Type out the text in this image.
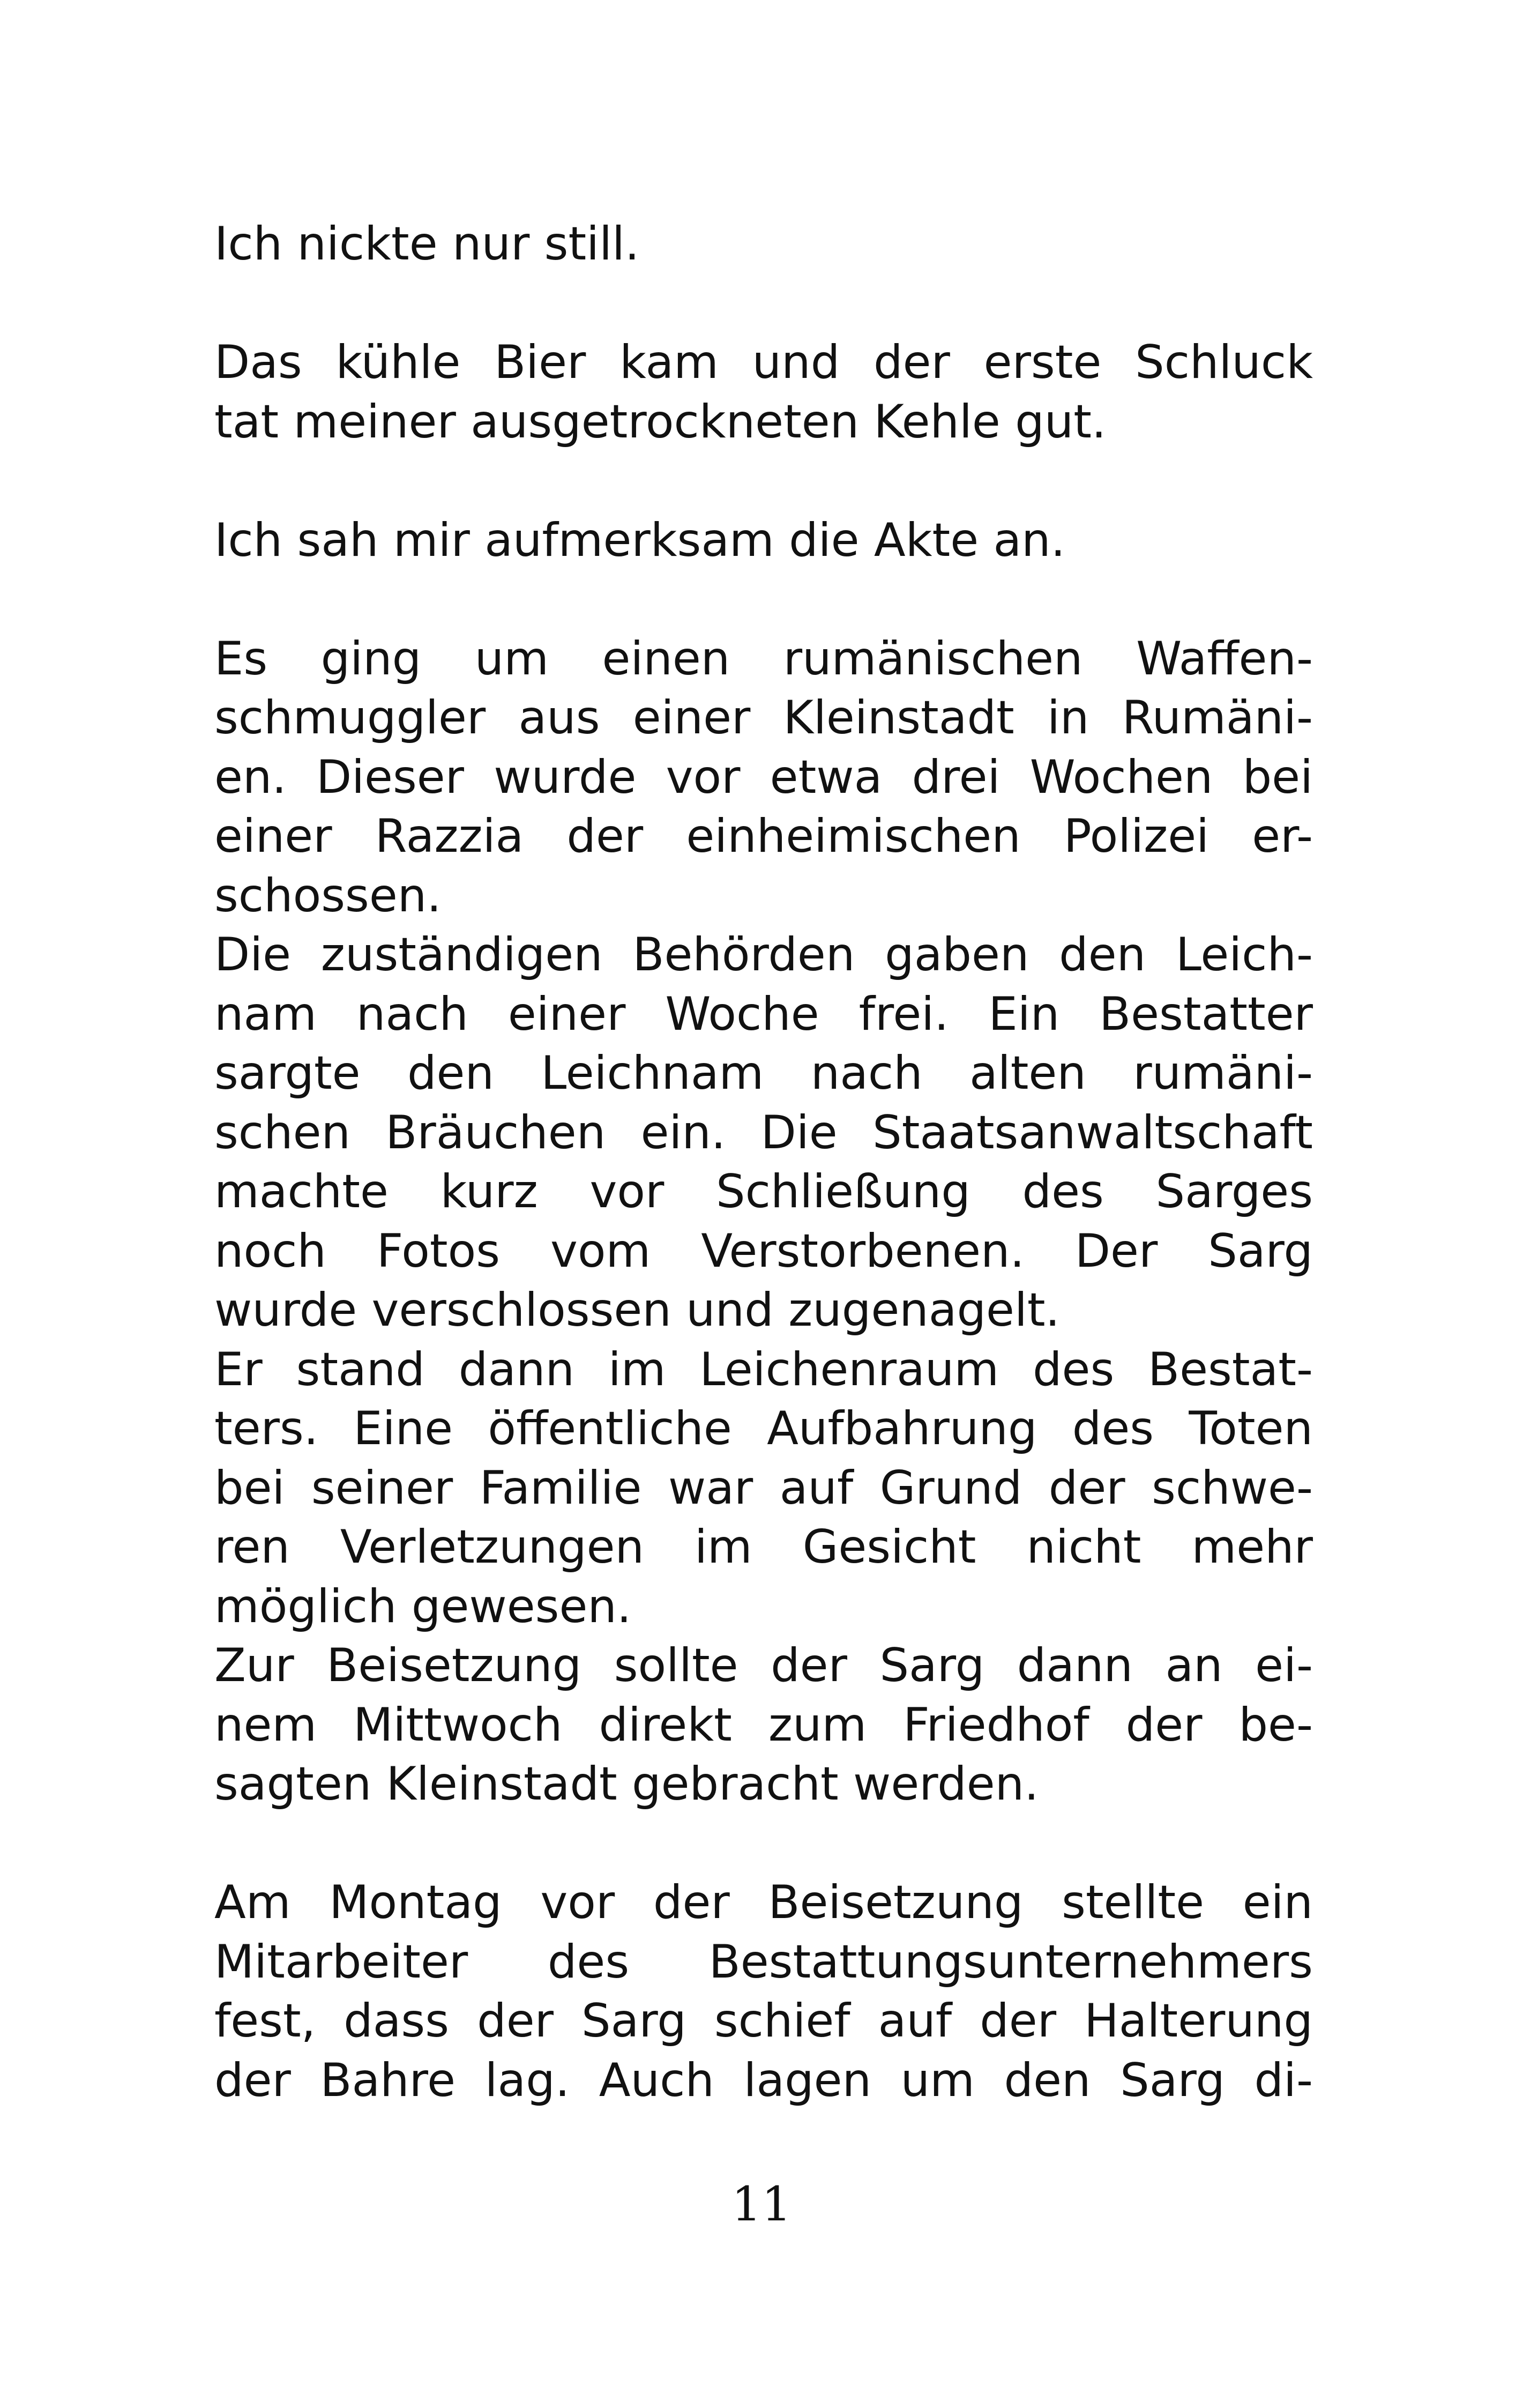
Ich nickte nur still.
Das kühle Bier kam und der erste Schluck
tat meiner ausgetrockneten Kehle gut.
Ich sah mir aufmerksam die Akte an.
Es ging um einen rumänischen Waffen-
schmuggler aus einer Kleinstadt in Rumäni-
en. Dieser wurde vor etwa drei Wochen bei
einer Razzia der einheimischen Polizei er-
schossen.
Die zuständigen Behörden gaben den Leich-
nam nach einer Woche frei. Ein Bestatter
sargte den Leichnam nach alten rumäni-
schen Bräuchen ein. Die Staatsanwaltschaft
machte kurz vor Schließung des Sarges
noch Fotos vom Verstorbenen. Der Sarg
wurde verschlossen und zugenagelt.
Er stand dann im Leichenraum des Bestat-
ters. Eine öffentliche Aufbahrung des Toten
bei seiner Familie war auf Grund der schwe-
ren Verletzungen im Gesicht nicht mehr
möglich gewesen.
Zur Beisetzung sollte der Sarg dann an ei-
nem Mittwoch direkt zum Friedhof der be-
sagten Kleinstadt gebracht werden.
Am Montag vor der Beisetzung stellte ein
Mitarbeiter des Bestattungsunternehmers
fest, dass der Sarg schief auf der Halterung
der Bahre lag. Auch lagen um den Sarg di-
11
